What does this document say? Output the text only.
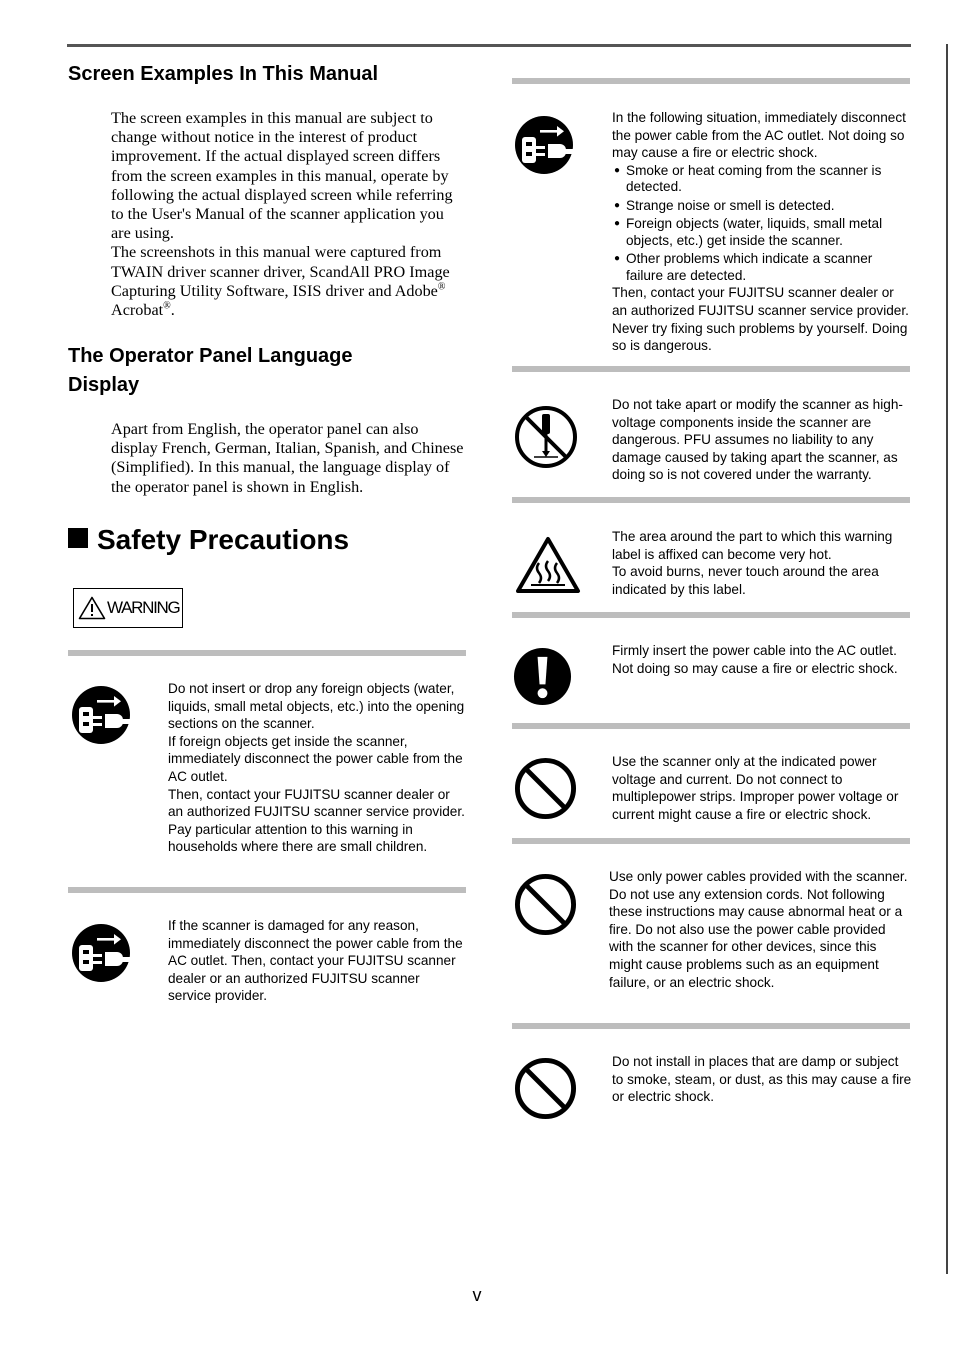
Screen Examples In This Manual

The screen examples in this manual are subject to change without notice in the interest of product improvement. If the actual displayed screen differs from the screen examples in this manual, operate by following the actual displayed screen while referring to the User's Manual of the scanner application you are using.

The screenshots in this manual were captured from TWAIN driver scanner driver, ScandAll PRO Image Capturing Utility Software, ISIS driver and Adobe® Acrobat®.

The Operator Panel Language Display

Apart from English, the operator panel can also display French, German, Italian, Spanish, and Chinese (Simplified). In this manual, the language display of the operator panel is shown in English.

Safety Precautions
WARNING

Do not insert or drop any foreign objects (water, liquids, small metal objects, etc.) into the opening sections on the scanner.

If foreign objects get inside the scanner, immediately disconnect the power cable from the AC outlet.

Then, contact your FUJITSU scanner dealer or an authorized FUJITSU scanner service provider. Pay particular attention to this warning in households where there are small children.

If the scanner is damaged for any reason, immediately disconnect the power cable from the AC outlet. Then, contact your FUJITSU scanner dealer or an authorized FUJITSU scanner service provider.

In the following situation, immediately disconnect the power cable from the AC outlet. Not doing so may cause a fire or electric shock.

● Smoke or heat coming from the scanner is detected.
● Strange noise or smell is detected.
● Foreign objects (water, liquids, small metal objects, etc.) get inside the scanner.
● Other problems which indicate a scanner failure are detected.

Then, contact your FUJITSU scanner dealer or an authorized FUJITSU scanner service provider. Never try fixing such problems by yourself. Doing so is dangerous.

Do not take apart or modify the scanner as high-voltage components inside the scanner are dangerous. PFU assumes no liability to any damage caused by taking apart the scanner, as doing so is not covered under the warranty.

The area around the part to which this warning label is affixed can become very hot.

To avoid burns, never touch around the area indicated by this label.

Firmly insert the power cable into the AC outlet. Not doing so may cause a fire or electric shock.

Use the scanner only at the indicated power voltage and current. Do not connect to multiplepower strips. Improper power voltage or current might cause a fire or electric shock.

Use only power cables provided with the scanner. Do not use any extension cords. Not following these instructions may cause abnormal heat or a fire. Do not also use the power cable provided with the scanner for other devices, since this might cause problems such as an equipment failure, or an electric shock.

Do not install in places that are damp or subject to smoke, steam, or dust, as this may cause a fire or electric shock.

v
